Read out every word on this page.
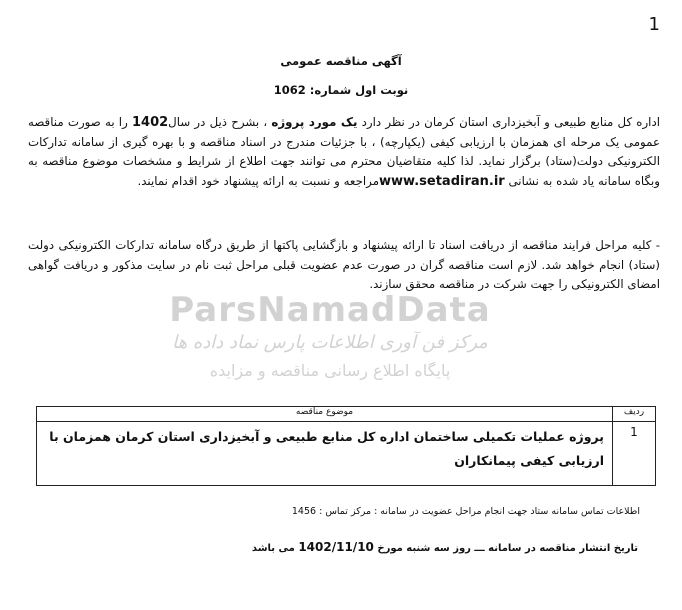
1
آگهی مناقصه عمومی
نوبت اول شماره: 1062
ParsNamadData
مرکز فن آوری اطلاعات پارس نماد داده ها
پایگاه اطلاع رسانی مناقصه و مزایده
اداره کل منابع طبیعی و آبخیزداری استان کرمان در نظر دارد یک مورد پروژه ، بشرح ذیل در سال1402 را به صورت مناقصه عمومی یک مرحله ای همزمان با ارزیابی کیفی (یکپارچه) ، با جزئیات مندرج در اسناد مناقصه و با بهره گیری از سامانه تدارکات الکترونیکی دولت(ستاد) برگزار نماید. لذا کلیه متقاضیان محترم می توانند جهت اطلاع از شرایط و مشخصات موضوع مناقصه به وبگاه سامانه یاد شده به نشانی www.setadiran.irمراجعه و نسبت به ارائه پیشنهاد خود اقدام نمایند.
- کلیه مراحل فرایند مناقصه از دریافت اسناد تا ارائه پیشنهاد و بازگشایی پاکتها از طریق درگاه سامانه تدارکات الکترونیکی دولت (ستاد) انجام خواهد شد. لازم است مناقصه گران در صورت عدم عضویت قبلی مراحل ثبت نام در سایت مذکور و دریافت گواهی امضای الکترونیکی را جهت شرکت در مناقصه محقق سازند.
ردیف	موضوع مناقصه
1	پروژه عملیات تکمیلی ساختمان اداره کل منابع طبیعی و آبخیزداری استان کرمان همزمان با ارزیابی کیفی پیمانکاران
اطلاعات تماس سامانه ستاد جهت انجام مراحل عضویت در سامانه : مرکز تماس : 1456
تاریخ انتشار مناقصه در سامانه ـــ روز سه شنبه مورخ 1402/11/10 می باشد
